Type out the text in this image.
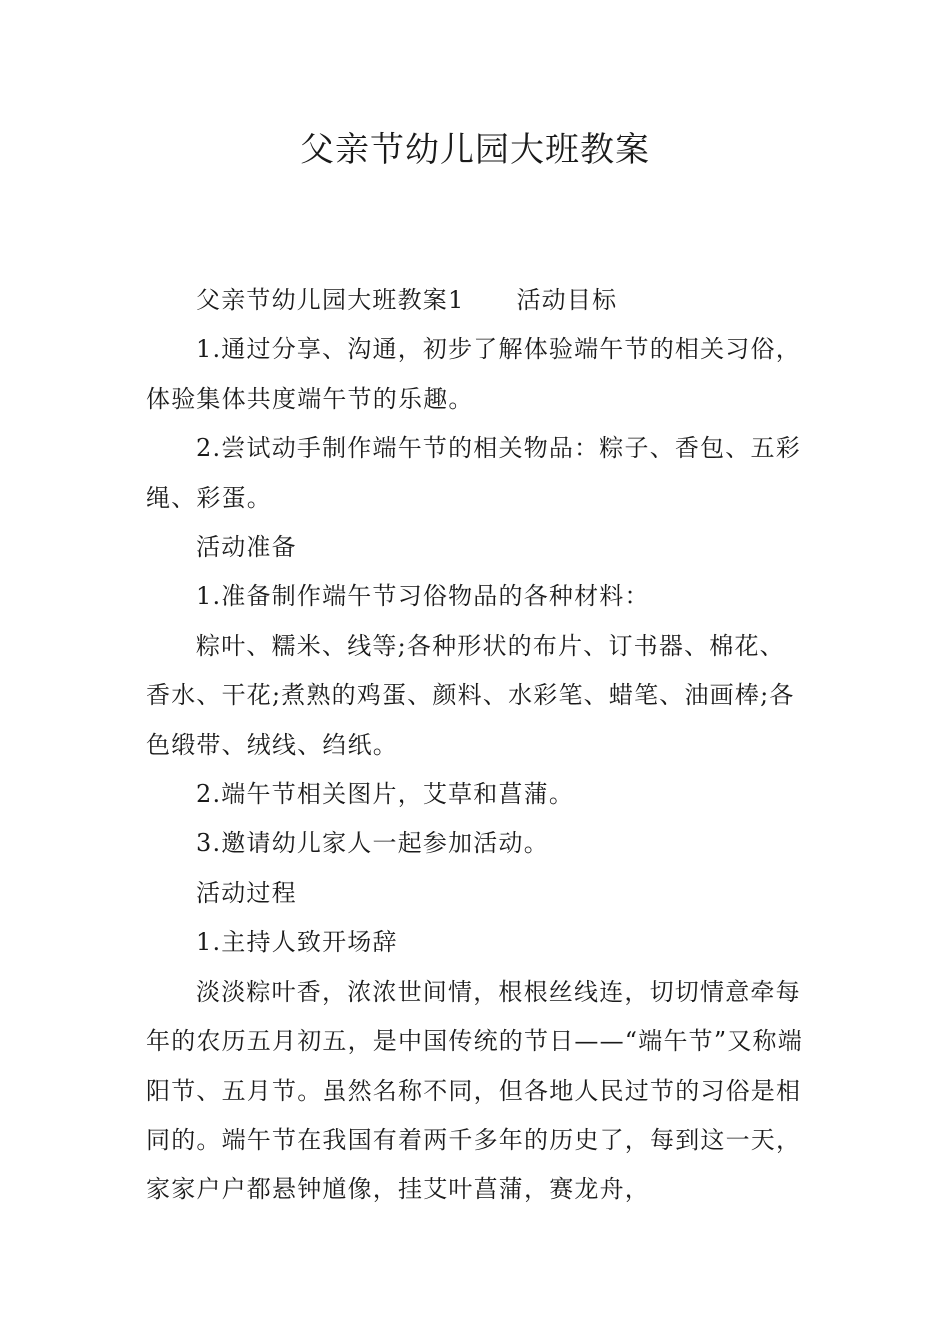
父亲节幼儿园大班教案

父亲节幼儿园大班教案1 活动目标

1.通过分享、沟通，初步了解体验端午节的相关习俗，体验集体共度端午节的乐趣。

2.尝试动手制作端午节的相关物品：粽子、香包、五彩绳、彩蛋。

活动准备

1.准备制作端午节习俗物品的各种材料：

粽叶、糯米、线等;各种形状的布片、订书器、棉花、香水、干花;煮熟的鸡蛋、颜料、水彩笔、蜡笔、油画棒;各色缎带、绒线、绉纸。

2.端午节相关图片，艾草和菖蒲。

3.邀请幼儿家人一起参加活动。

活动过程

1.主持人致开场辞

淡淡粽叶香，浓浓世间情，根根丝线连，切切情意牵每年的农历五月初五，是中国传统的节日——“端午节”又称端阳节、五月节。虽然名称不同，但各地人民过节的习俗是相同的。端午节在我国有着两千多年的历史了，每到这一天，家家户户都悬钟馗像，挂艾叶菖蒲，赛龙舟，
